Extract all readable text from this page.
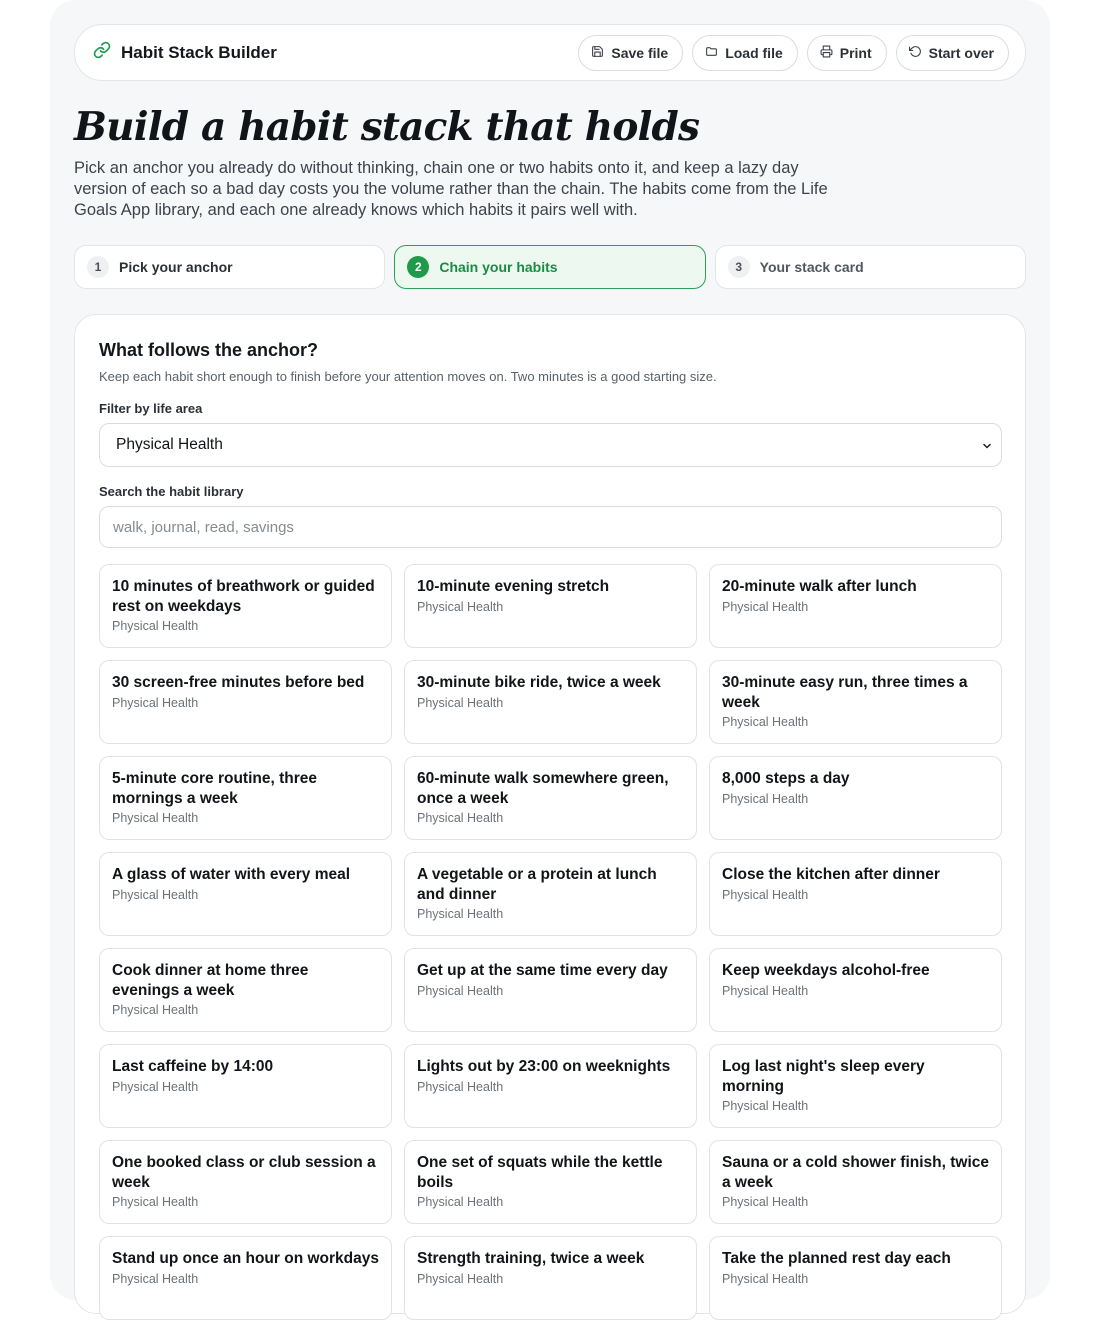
Habit Stack Builder	Save file	Load file	Print	Start over
Build a habit stack that holds

Pick an anchor you already do without thinking, chain one or two habits onto it, and keep a lazy day version of each so a bad day costs you the volume rather than the chain. The habits come from the Life Goals App library, and each one already knows which habits it pairs well with.

1	Pick your anchor	2	Chain your habits	3	Your stack card
What follows the anchor?

Keep each habit short enough to finish before your attention moves on. Two minutes is a good starting size.

Filter by life area
Physical Health
Search the habit library
walk, journal, read, savings
10 minutes of breathwork or guided rest on weekdays
Physical Health
10-minute evening stretch
Physical Health
20-minute walk after lunch
Physical Health
30 screen-free minutes before bed
Physical Health
30-minute bike ride, twice a week
Physical Health
30-minute easy run, three times a week
Physical Health
5-minute core routine, three mornings a week
Physical Health
60-minute walk somewhere green, once a week
Physical Health
8,000 steps a day
Physical Health
A glass of water with every meal
Physical Health
A vegetable or a protein at lunch and dinner
Physical Health
Close the kitchen after dinner
Physical Health
Cook dinner at home three evenings a week
Physical Health
Get up at the same time every day
Physical Health
Keep weekdays alcohol-free
Physical Health
Last caffeine by 14:00
Physical Health
Lights out by 23:00 on weeknights
Physical Health
Log last night's sleep every morning
Physical Health
One booked class or club session a week
Physical Health
One set of squats while the kettle boils
Physical Health
Sauna or a cold shower finish, twice a week
Physical Health
Stand up once an hour on workdays
Physical Health
Strength training, twice a week
Physical Health
Take the planned rest day each
Physical Health
